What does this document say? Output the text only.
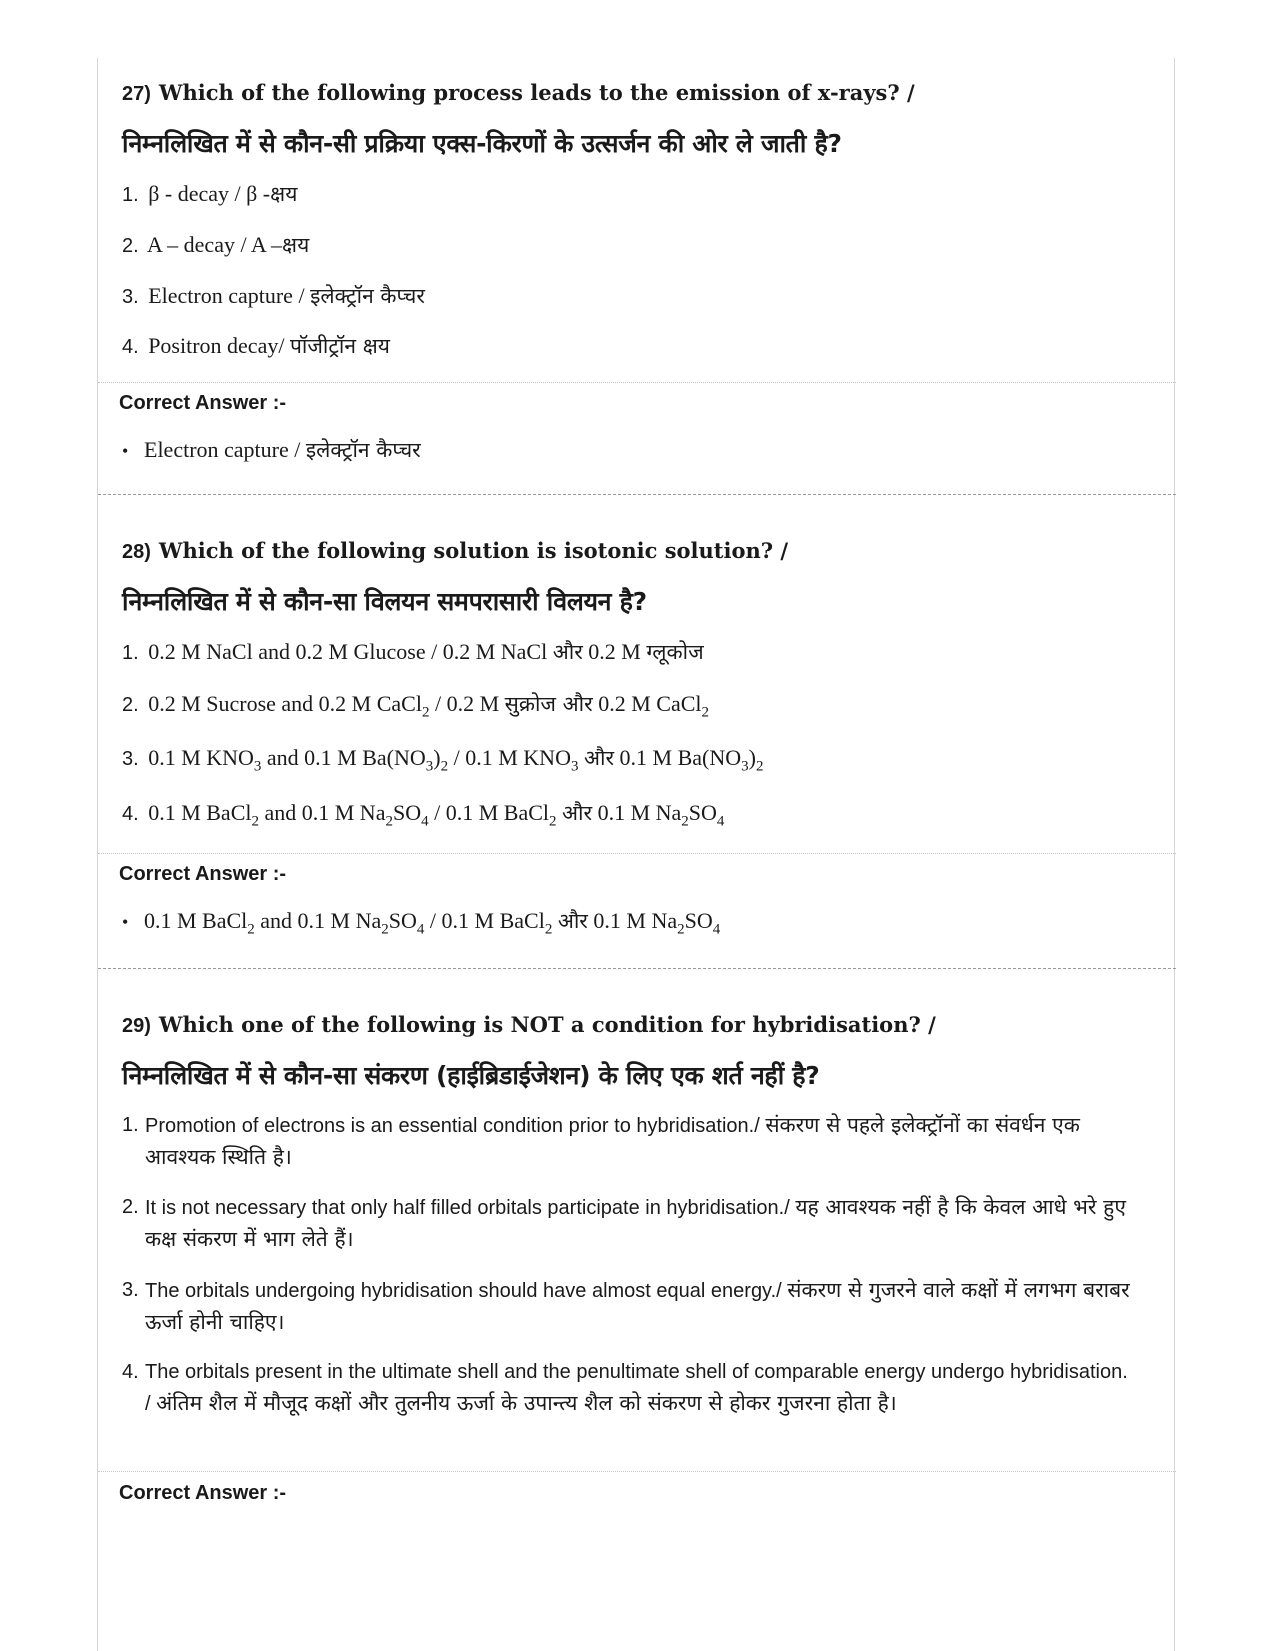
27) Which of the following process leads to the emission of x-rays? /
निम्नलिखित में से कौन-सी प्रक्रिया एक्स-किरणों के उत्सर्जन की ओर ले जाती है?
1. β - decay / β -क्षय
2. A – decay / A –क्षय
3. Electron capture / इलेक्ट्रॉन कैप्चर
4. Positron decay/ पॉजीट्रॉन क्षय
Correct Answer :-
• Electron capture / इलेक्ट्रॉन कैप्चर
28) Which of the following solution is isotonic solution? /
निम्नलिखित में से कौन-सा विलयन समपरासारी विलयन है?
1. 0.2 M NaCl and 0.2 M Glucose / 0.2 M NaCl और 0.2 M ग्लूकोज
2. 0.2 M Sucrose and 0.2 M CaCl$_2$ / 0.2 M सुक्रोज और 0.2 M CaCl$_2$
3. 0.1 M $KNO_3$ and 0.1 M $Ba(NO_3)_2 / 0.1$ M $KNO_3$ और 0.1 M $Ba(NO_3)_2$
4. 0.1 M BaCl$_2$ and 0.1 M $Na_2SO_4 / 0.1$ M BaCl$_2$ और 0.1 M $Na_2SO_4$
Correct Answer :-
• 0.1 M BaCl$_2$ and 0.1 M $Na_2SO_4 / 0.1$ M BaCl$_2$ और 0.1 M $Na_2SO_4$
29) Which one of the following is NOT a condition for hybridisation? /
निम्नलिखित में से कौन-सा संकरण (हाईब्रिडाईजेशन) के लिए एक शर्त नहीं है?
1. Promotion of electrons is an essential condition prior to hybridisation./ संकरण से पहले इलेक्ट्रॉनों का संवर्धन एक आवश्यक स्थिति है।
2. It is not necessary that only half filled orbitals participate in hybridisation./ यह आवश्यक नहीं है कि केवल आधे भरे हुए कक्ष संकरण में भाग लेते हैं।
3. The orbitals undergoing hybridisation should have almost equal energy./ संकरण से गुजरने वाले कक्षों में लगभग बराबर ऊर्जा होनी चाहिए।
4. The orbitals present in the ultimate shell and the penultimate shell of comparable energy undergo hybridisation. / अंतिम शैल में मौजूद कक्षों और तुलनीय ऊर्जा के उपान्त्य शैल को संकरण से होकर गुजरना होता है।
Correct Answer :-
